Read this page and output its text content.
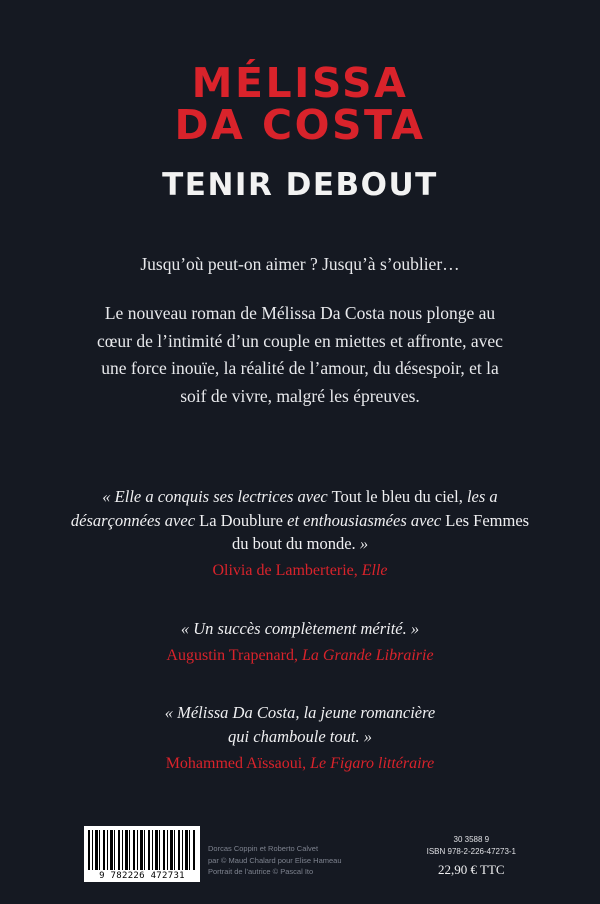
MÉLISSA
DA COSTA
TENIR DEBOUT
Jusqu’où peut-on aimer ? Jusqu’à s’oublier…

Le nouveau roman de Mélissa Da Costa nous plonge au cœur de l’intimité d’un couple en miettes et affronte, avec une force inouïe, la réalité de l’amour, du désespoir, et la soif de vivre, malgré les épreuves.

« Elle a conquis ses lectrices avec Tout le bleu du ciel, les a désarçonnées avec La Doublure et enthousiasmées avec Les Femmes du bout du monde. »
Olivia de Lamberterie, Elle
« Un succès complètement mérité. »
Augustin Trapenard, La Grande Librairie
« Mélissa Da Costa, la jeune romancière
qui chamboule tout. »
Mohammed Aïssaoui, Le Figaro littéraire
9 782226 472731
Dorcas Coppin et Roberto Calvet
par © Maud Chalard pour Elise Hameau
Portrait de l’autrice © Pascal Ito
30 3588 9
ISBN 978-2-226-47273-1
22,90 € TTC
